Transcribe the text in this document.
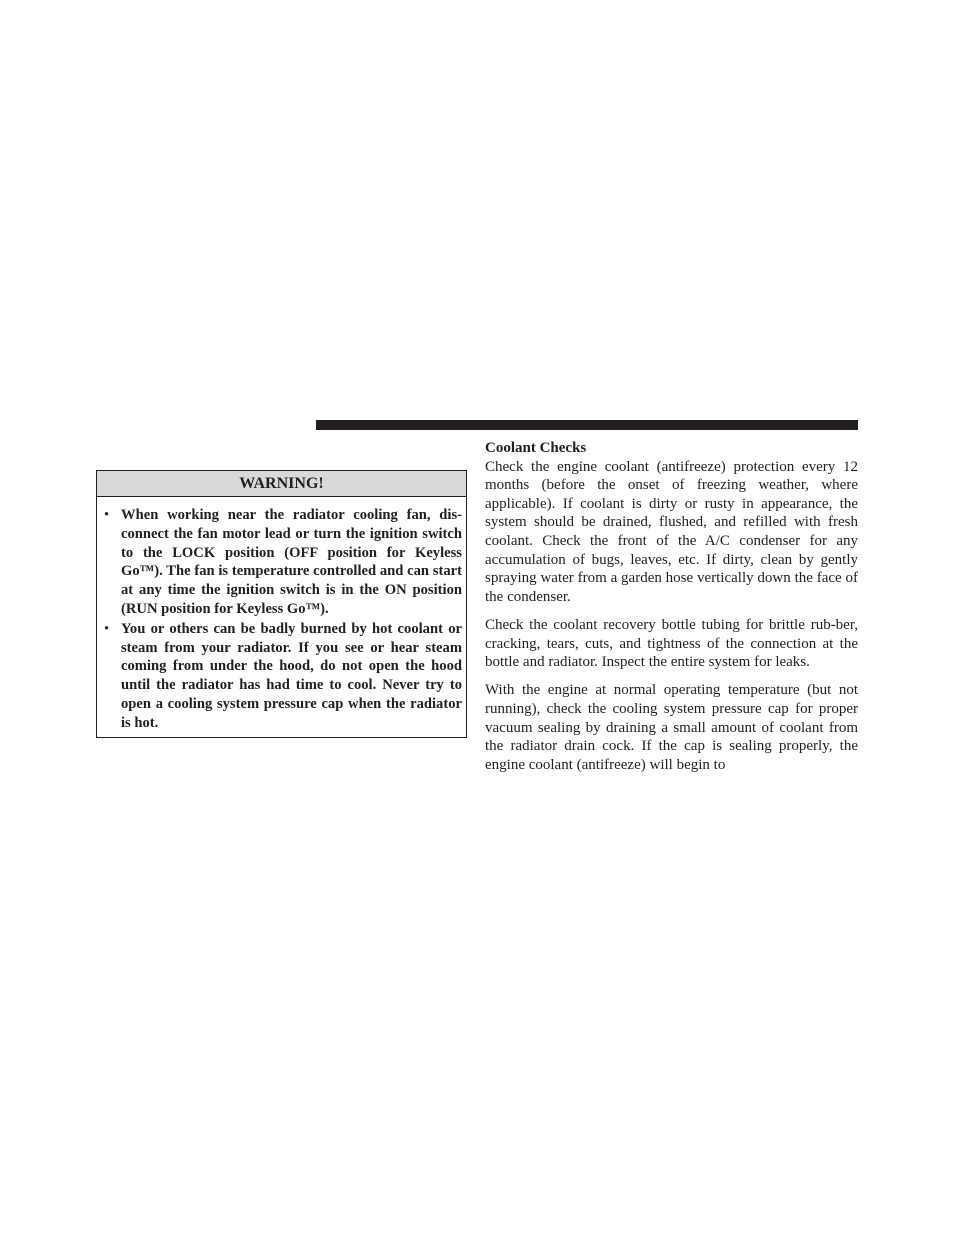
WARNING!
• When working near the radiator cooling fan, dis-connect the fan motor lead or turn the ignition switch to the LOCK position (OFF position for Keyless Go™). The fan is temperature controlled and can start at any time the ignition switch is in the ON position (RUN position for Keyless Go™).
• You or others can be badly burned by hot coolant or steam from your radiator. If you see or hear steam coming from under the hood, do not open the hood until the radiator has had time to cool. Never try to open a cooling system pressure cap when the radiator is hot.

Coolant Checks

Check the engine coolant (antifreeze) protection every 12 months (before the onset of freezing weather, where applicable). If coolant is dirty or rusty in appearance, the system should be drained, flushed, and refilled with fresh coolant. Check the front of the A/C condenser for any accumulation of bugs, leaves, etc. If dirty, clean by gently spraying water from a garden hose vertically down the face of the condenser.

Check the coolant recovery bottle tubing for brittle rub-ber, cracking, tears, cuts, and tightness of the connection at the bottle and radiator. Inspect the entire system for leaks.

With the engine at normal operating temperature (but not running), check the cooling system pressure cap for proper vacuum sealing by draining a small amount of coolant from the radiator drain cock. If the cap is sealing properly, the engine coolant (antifreeze) will begin to
